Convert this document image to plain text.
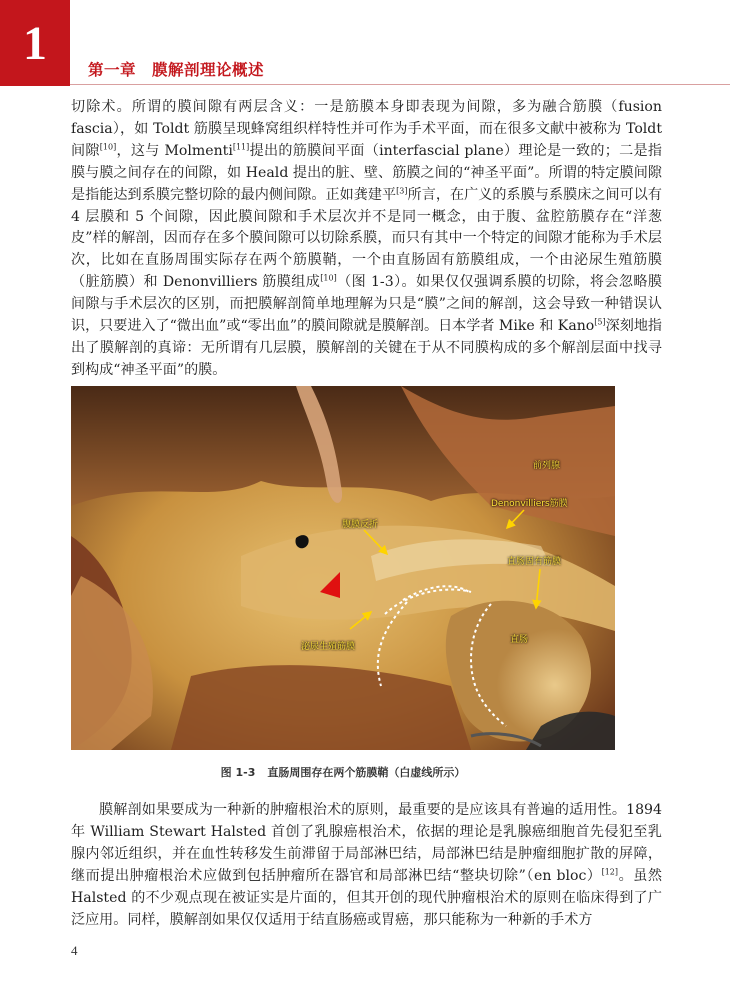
1
第一章 膜解剖理论概述

切除术。所谓的膜间隙有两层含义：一是筋膜本身即表现为间隙，多为融合筋膜（fusion fascia），如 Toldt 筋膜呈现蜂窝组织样特性并可作为手术平面，而在很多文献中被称为 Toldt 间隙[10]，这与 Molmenti[11]提出的筋膜间平面（interfascial plane）理论是一致的；二是指膜与膜之间存在的间隙，如 Heald 提出的脏、壁、筋膜之间的“神圣平面”。所谓的特定膜间隙是指能达到系膜完整切除的最内侧间隙。正如龚建平[3]所言，在广义的系膜与系膜床之间可以有 4 层膜和 5 个间隙，因此膜间隙和手术层次并不是同一概念，由于腹、盆腔筋膜存在“洋葱皮”样的解剖，因而存在多个膜间隙可以切除系膜，而只有其中一个特定的间隙才能称为手术层次，比如在直肠周围实际存在两个筋膜鞘，一个由直肠固有筋膜组成，一个由泌尿生殖筋膜（脏筋膜）和 Denonvilliers 筋膜组成[10]（图 1-3）。如果仅仅强调系膜的切除，将会忽略膜间隙与手术层次的区别，而把膜解剖简单地理解为只是“膜”之间的解剖，这会导致一种错误认识，只要进入了“微出血”或“零出血”的膜间隙就是膜解剖。日本学者 Mike 和 Kano[5]深刻地指出了膜解剖的真谛：无所谓有几层膜，膜解剖的关键在于从不同膜构成的多个解剖层面中找寻到构成“神圣平面”的膜。

前列腺
Denonvilliers筋膜
腹膜反折
直肠固有筋膜
直肠
泌尿生殖筋膜
图 1-3 直肠周围存在两个筋膜鞘（白虚线所示）

膜解剖如果要成为一种新的肿瘤根治术的原则，最重要的是应该具有普遍的适用性。1894 年 William Stewart Halsted 首创了乳腺癌根治术，依据的理论是乳腺癌细胞首先侵犯至乳腺内邻近组织，并在血性转移发生前滞留于局部淋巴结，局部淋巴结是肿瘤细胞扩散的屏障，继而提出肿瘤根治术应做到包括肿瘤所在器官和局部淋巴结“整块切除”（en bloc）[12]。虽然 Halsted 的不少观点现在被证实是片面的，但其开创的现代肿瘤根治术的原则在临床得到了广泛应用。同样，膜解剖如果仅仅适用于结直肠癌或胃癌，那只能称为一种新的手术方

4
